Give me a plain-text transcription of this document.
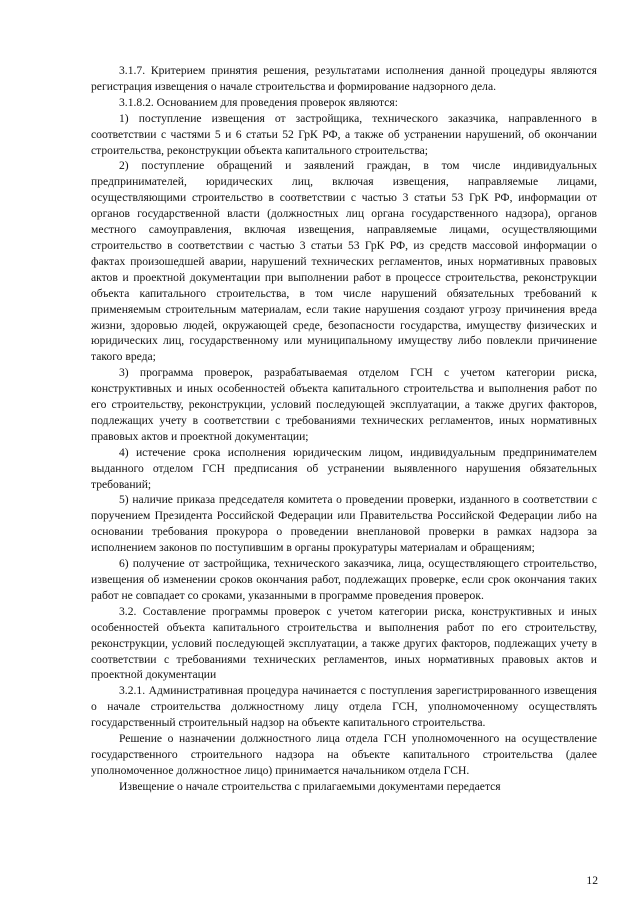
3.1.7. Критерием принятия решения, результатами исполнения данной процедуры являются регистрация извещения о начале строительства и формирование надзорного дела.

3.1.8.2. Основанием для проведения проверок являются:

1) поступление извещения от застройщика, технического заказчика, направленного в соответствии с частями 5 и 6 статьи 52 ГрК РФ, а также об устранении нарушений, об окончании строительства, реконструкции объекта капитального строительства;

2) поступление обращений и заявлений граждан, в том числе индивидуальных предпринимателей, юридических лиц, включая извещения, направляемые лицами, осуществляющими строительство в соответствии с частью 3 статьи 53 ГрК РФ, информации от органов государственной власти (должностных лиц органа государственного надзора), органов местного самоуправления, включая извещения, направляемые лицами, осуществляющими строительство в соответствии с частью 3 статьи 53 ГрК РФ, из средств массовой информации о фактах произошедшей аварии, нарушений технических регламентов, иных нормативных правовых актов и проектной документации при выполнении работ в процессе строительства, реконструкции объекта капитального строительства, в том числе нарушений обязательных требований к применяемым строительным материалам, если такие нарушения создают угрозу причинения вреда жизни, здоровью людей, окружающей среде, безопасности государства, имуществу физических и юридических лиц, государственному или муниципальному имуществу либо повлекли причинение такого вреда;

3) программа проверок, разрабатываемая отделом ГСН с учетом категории риска, конструктивных и иных особенностей объекта капитального строительства и выполнения работ по его строительству, реконструкции, условий последующей эксплуатации, а также других факторов, подлежащих учету в соответствии с требованиями технических регламентов, иных нормативных правовых актов и проектной документации;

4) истечение срока исполнения юридическим лицом, индивидуальным предпринимателем выданного отделом ГСН предписания об устранении выявленного нарушения обязательных требований;

5) наличие приказа председателя комитета о проведении проверки, изданного в соответствии с поручением Президента Российской Федерации или Правительства Российской Федерации либо на основании требования прокурора о проведении внеплановой проверки в рамках надзора за исполнением законов по поступившим в органы прокуратуры материалам и обращениям;

6) получение от застройщика, технического заказчика, лица, осуществляющего строительство, извещения об изменении сроков окончания работ, подлежащих проверке, если срок окончания таких работ не совпадает со сроками, указанными в программе проведения проверок.

3.2. Составление программы проверок с учетом категории риска, конструктивных и иных особенностей объекта капитального строительства и выполнения работ по его строительству, реконструкции, условий последующей эксплуатации, а также других факторов, подлежащих учету в соответствии с требованиями технических регламентов, иных нормативных правовых актов и проектной документации

3.2.1. Административная процедура начинается с поступления зарегистрированного извещения о начале строительства должностному лицу отдела ГСН, уполномоченному осуществлять государственный строительный надзор на объекте капитального строительства.

Решение о назначении должностного лица отдела ГСН уполномоченного на осуществление государственного строительного надзора на объекте капитального строительства (далее уполномоченное должностное лицо) принимается начальником отдела ГСН.

Извещение о начале строительства с прилагаемыми документами передается

12
